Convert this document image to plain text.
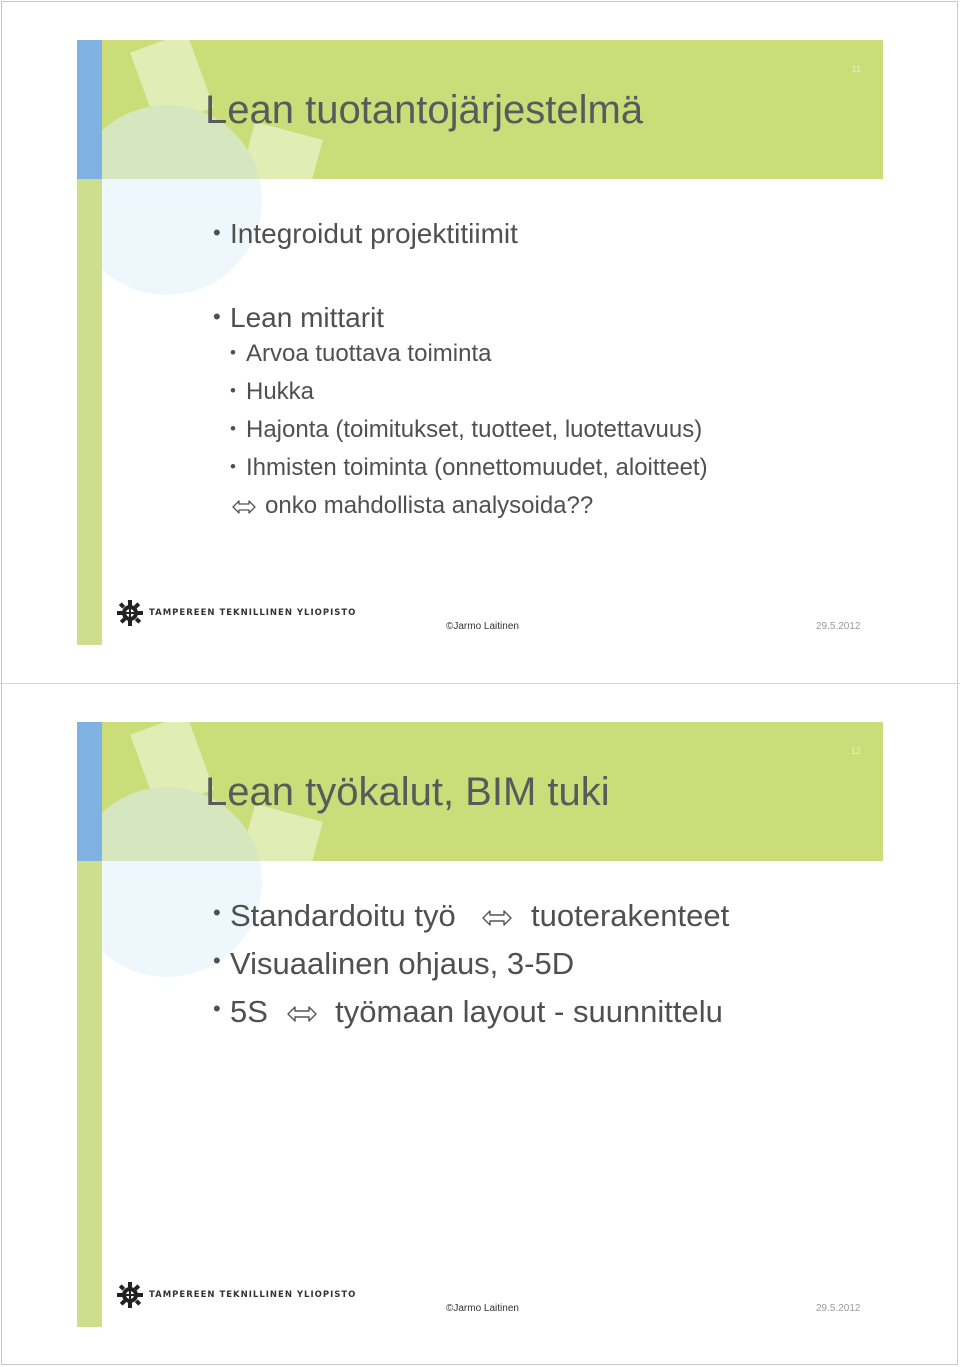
11
Lean tuotantojärjestelmä
• Integroidut projektitiimit
• Lean mittarit
• Arvoa tuottava toiminta
• Hukka
• Hajonta (toimitukset, tuotteet, luotettavuus)
• Ihmisten toiminta (onnettomuudet, aloitteet)
onko mahdollista analysoida??
TAMPEREEN TEKNILLINEN YLIOPISTO
©Jarmo Laitinen	29.5.2012
12
Lean työkalut, BIM tuki
• Standardoitu työ tuoterakenteet
• Visuaalinen ohjaus, 3-5D
• 5S työmaan layout - suunnittelu
TAMPEREEN TEKNILLINEN YLIOPISTO
©Jarmo Laitinen	29.5.2012
